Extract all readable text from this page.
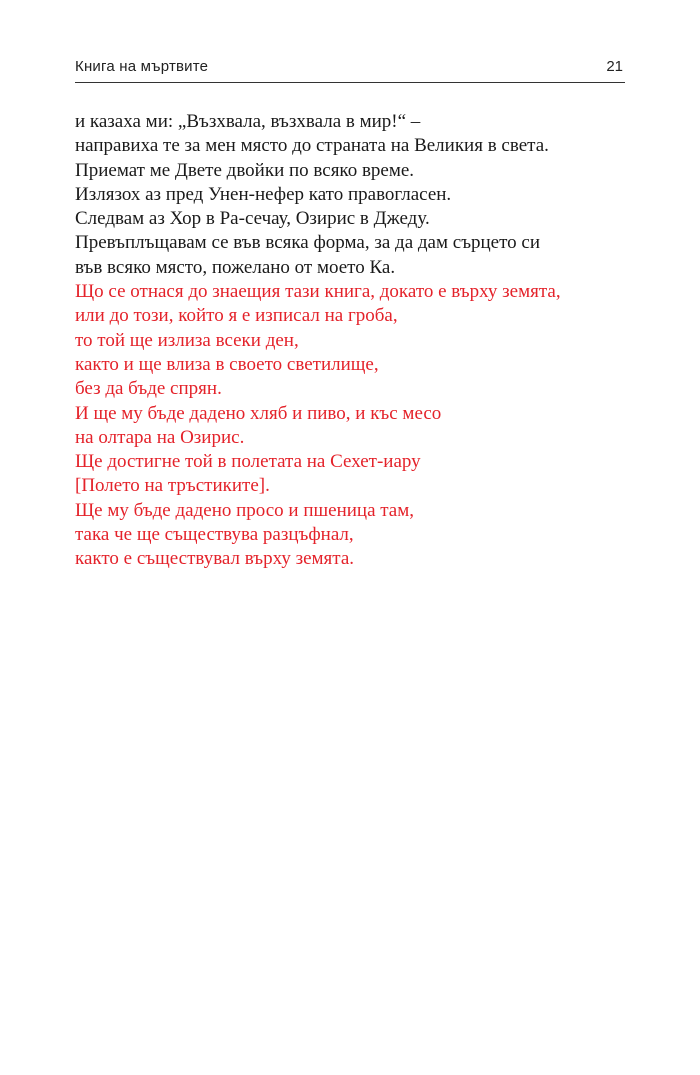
Книга на мъртвите	21
и казаха ми: „Възхвала, възхвала в мир!“ –
направиха те за мен място до страната на Великия в света.
Приемат ме Двете двойки по всяко време.
Излязох аз пред Унен-нефер като правогласен.
Следвам аз Хор в Ра-сечау, Озирис в Джеду.
Превъплъщавам се във всяка форма, за да дам сърцето си
във всяко място, пожелано от моето Ка.
Що се отнася до знаещия тази книга, докато е върху земята,
или до този, който я е изписал на гроба,
то той ще излиза всеки ден,
както и ще влиза в своето светилище,
без да бъде спрян.
И ще му бъде дадено хляб и пиво, и къс месо
на олтара на Озирис.
Ще достигне той в полетата на Сехет-иару
[Полето на тръстиките].
Ще му бъде дадено просо и пшеница там,
така че ще съществува разцъфнал,
както е съществувал върху земята.
